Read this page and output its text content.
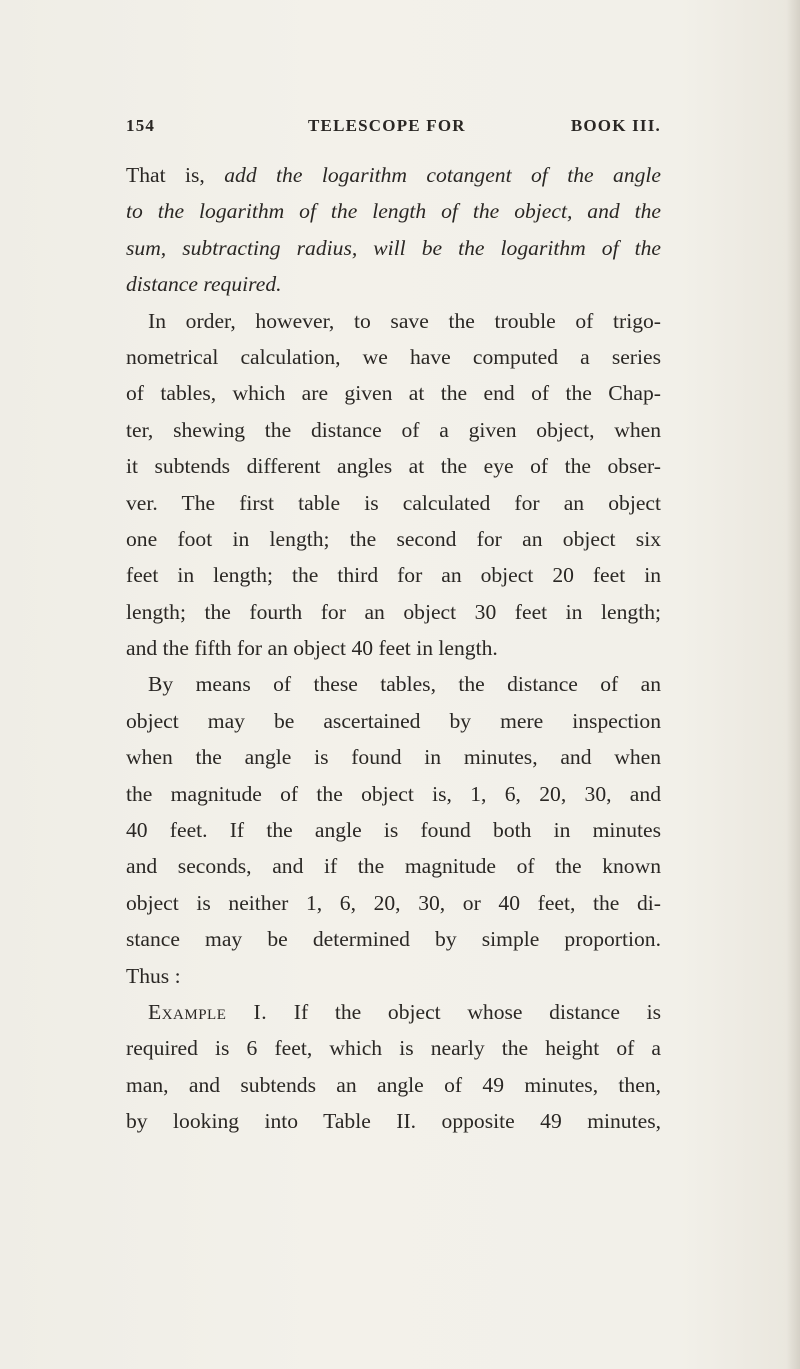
154	TELESCOPE FOR	BOOK III.
That is, add the logarithm cotangent of the angle
to the logarithm of the length of the object, and the
sum, subtracting radius, will be the logarithm of the
distance required.
In order, however, to save the trouble of trigo-
nometrical calculation, we have computed a series
of tables, which are given at the end of the Chap-
ter, shewing the distance of a given object, when
it subtends different angles at the eye of the obser-
ver. The first table is calculated for an object
one foot in length; the second for an object six
feet in length; the third for an object 20 feet in
length; the fourth for an object 30 feet in length;
and the fifth for an object 40 feet in length.
By means of these tables, the distance of an
object may be ascertained by mere inspection
when the angle is found in minutes, and when
the magnitude of the object is, 1, 6, 20, 30, and
40 feet. If the angle is found both in minutes
and seconds, and if the magnitude of the known
object is neither 1, 6, 20, 30, or 40 feet, the di-
stance may be determined by simple proportion.
Thus :
Example I. If the object whose distance is
required is 6 feet, which is nearly the height of a
man, and subtends an angle of 49 minutes, then,
by looking into Table II. opposite 49 minutes,
